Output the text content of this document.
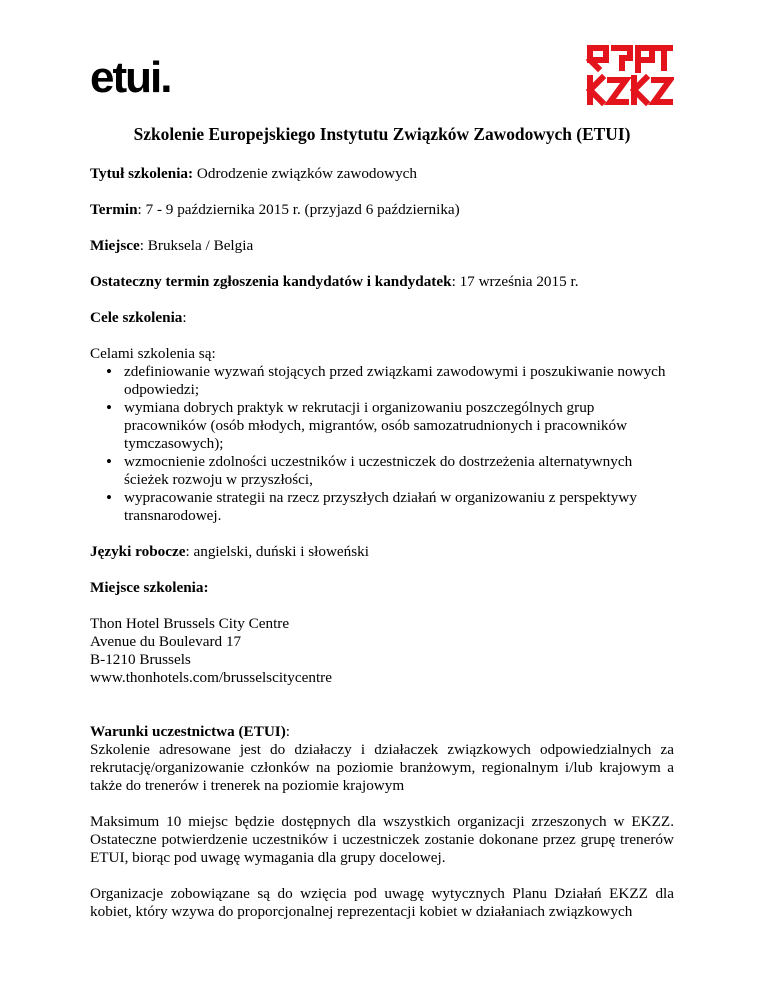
etui.
Szkolenie Europejskiego Instytutu Związków Zawodowych (ETUI)

Tytuł szkolenia: Odrodzenie związków zawodowych

Termin: 7 - 9 października 2015 r. (przyjazd 6 października)

Miejsce: Bruksela / Belgia

Ostateczny termin zgłoszenia kandydatów i kandydatek: 17 września 2015 r.

Cele szkolenia:

Celami szkolenia są:
• zdefiniowanie wyzwań stojących przed związkami zawodowymi i poszukiwanie nowych odpowiedzi;
• wymiana dobrych praktyk w rekrutacji i organizowaniu poszczególnych grup pracowników (osób młodych, migrantów, osób samozatrudnionych i pracowników tymczasowych);
• wzmocnienie zdolności uczestników i uczestniczek do dostrzeżenia alternatywnych ścieżek rozwoju w przyszłości,
• wypracowanie strategii na rzecz przyszłych działań w organizowaniu z perspektywy transnarodowej.

Języki robocze: angielski, duński i słoweński

Miejsce szkolenia:

Thon Hotel Brussels City Centre
Avenue du Boulevard 17
B-1210 Brussels
www.thonhotels.com/brusselscitycentre

Warunki uczestnictwa (ETUI):

Szkolenie adresowane jest do działaczy i działaczek związkowych odpowiedzialnych za rekrutację/organizowanie członków na poziomie branżowym, regionalnym i/lub krajowym a także do trenerów i trenerek na poziomie krajowym

Maksimum 10 miejsc będzie dostępnych dla wszystkich organizacji zrzeszonych w EKZZ. Ostateczne potwierdzenie uczestników i uczestniczek zostanie dokonane przez grupę trenerów ETUI, biorąc pod uwagę wymagania dla grupy docelowej.

Organizacje zobowiązane są do wzięcia pod uwagę wytycznych Planu Działań EKZZ dla kobiet, który wzywa do proporcjonalnej reprezentacji kobiet w działaniach związkowych
